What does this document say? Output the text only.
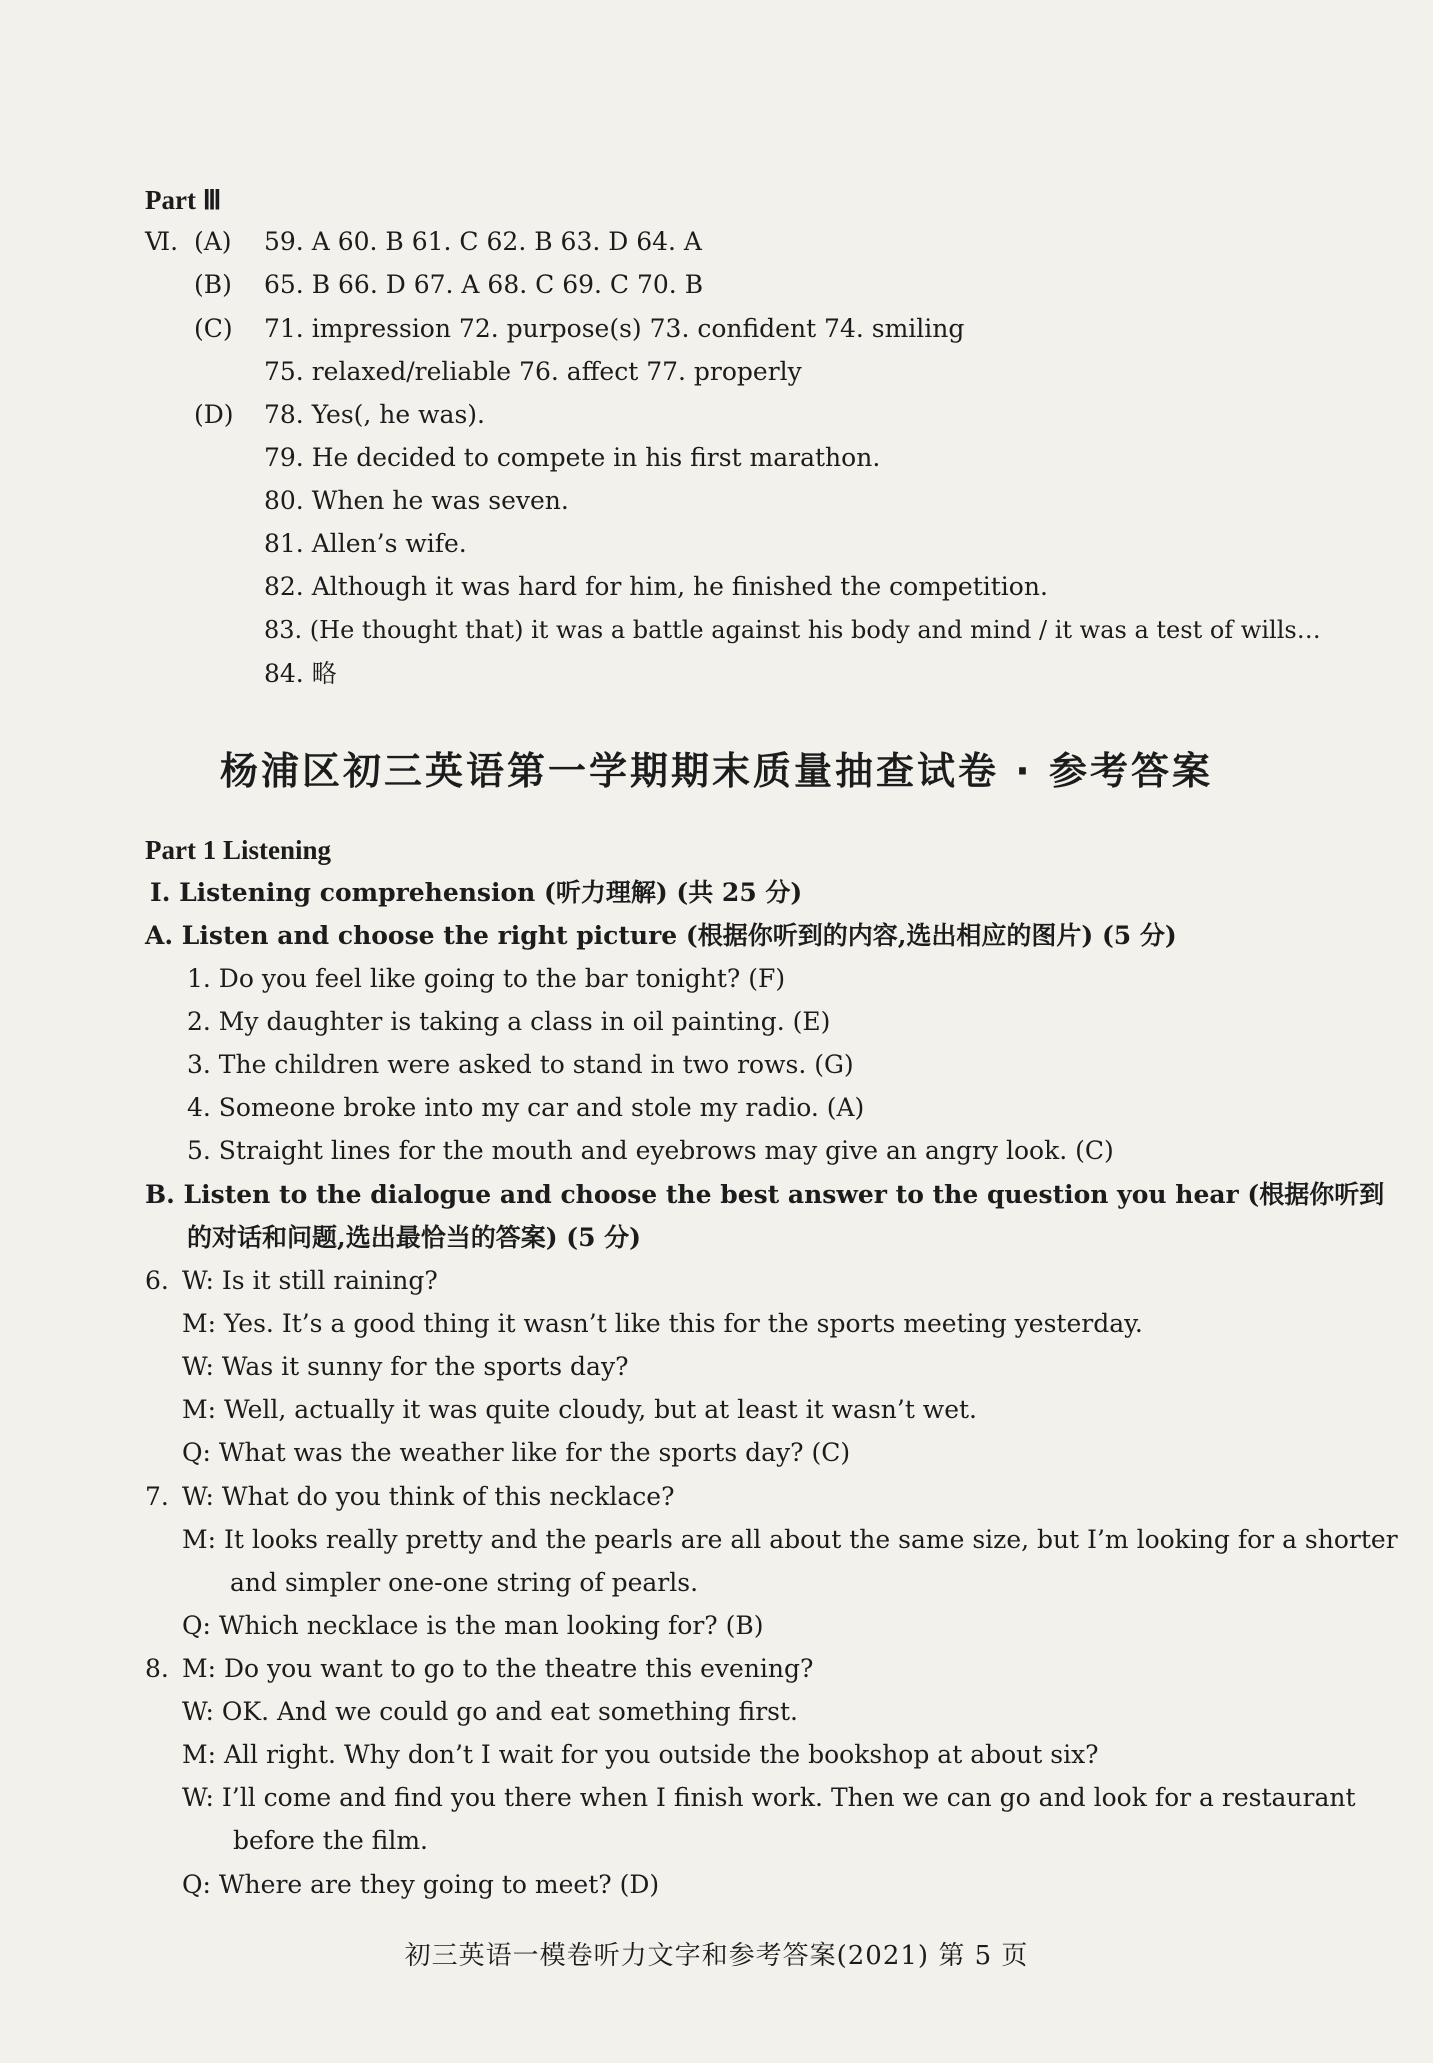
Part Ⅲ
Ⅵ. (A) 59. A 60. B 61. C 62. B 63. D 64. A
(B) 65. B 66. D 67. A 68. C 69. C 70. B
(C) 71. impression 72. purpose(s) 73. confident 74. smiling
75. relaxed/reliable 76. affect 77. properly
(D) 78. Yes(, he was).
79. He decided to compete in his first marathon.
80. When he was seven.
81. Allen’s wife.
82. Although it was hard for him, he finished the competition.
83. (He thought that) it was a battle against his body and mind / it was a test of wills…
84. 略
杨浦区初三英语第一学期期末质量抽查试卷 · 参考答案
Part 1 Listening
Ⅰ. Listening comprehension (听力理解) (共 25 分)
A. Listen and choose the right picture (根据你听到的内容,选出相应的图片) (5 分)
1. Do you feel like going to the bar tonight? (F)
2. My daughter is taking a class in oil painting. (E)
3. The children were asked to stand in two rows. (G)
4. Someone broke into my car and stole my radio. (A)
5. Straight lines for the mouth and eyebrows may give an angry look. (C)
B. Listen to the dialogue and choose the best answer to the question you hear (根据你听到
的对话和问题,选出最恰当的答案) (5 分)
6. W: Is it still raining?
M: Yes. It’s a good thing it wasn’t like this for the sports meeting yesterday.
W: Was it sunny for the sports day?
M: Well, actually it was quite cloudy, but at least it wasn’t wet.
Q: What was the weather like for the sports day? (C)
7. W: What do you think of this necklace?
M: It looks really pretty and the pearls are all about the same size, but I’m looking for a shorter
and simpler one-one string of pearls.
Q: Which necklace is the man looking for? (B)
8. M: Do you want to go to the theatre this evening?
W: OK. And we could go and eat something first.
M: All right. Why don’t I wait for you outside the bookshop at about six?
W: I’ll come and find you there when I finish work. Then we can go and look for a restaurant
before the film.
Q: Where are they going to meet? (D)
初三英语一模卷听力文字和参考答案(2021) 第 5 页
